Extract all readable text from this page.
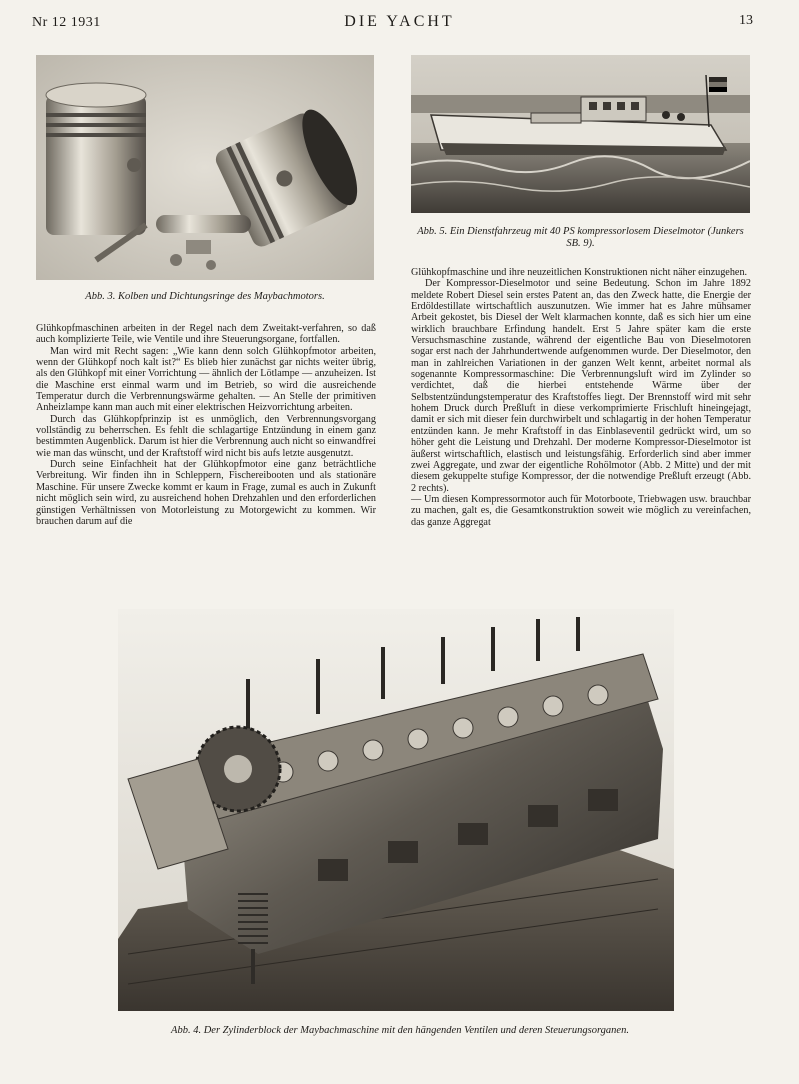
Nr 12 1931	DIE YACHT	13
Abb. 3. Kolben und Dichtungsringe des Maybachmotors.
Abb. 5. Ein Dienstfahrzeug mit 40 PS kompressorlosem Dieselmotor (Junkers SB. 9).

Glühkopfmaschinen arbeiten in der Regel nach dem Zweitakt-verfahren, so daß auch komplizierte Teile, wie Ventile und ihre Steuerungsorgane, fortfallen.

Man wird mit Recht sagen: „Wie kann denn solch Glühkopfmotor arbeiten, wenn der Glühkopf noch kalt ist?“ Es blieb hier zunächst gar nichts weiter übrig, als den Glühkopf mit einer Vorrichtung — ähnlich der Lötlampe — anzuheizen. Ist die Maschine erst einmal warm und im Betrieb, so wird die ausreichende Temperatur durch die Verbrennungswärme gehalten. — An Stelle der primitiven Anheizlampe kann man auch mit einer elektrischen Heizvorrichtung arbeiten.

Durch das Glühkopfprinzip ist es unmöglich, den Verbrennungsvorgang vollständig zu beherrschen. Es fehlt die schlagartige Entzündung in einem ganz bestimmten Augenblick. Darum ist hier die Verbrennung auch nicht so einwandfrei wie man das wünscht, und der Kraftstoff wird nicht bis aufs letzte ausgenutzt.

Durch seine Einfachheit hat der Glühkopfmotor eine ganz beträchtliche Verbreitung. Wir finden ihn in Schleppern, Fischereibooten und als stationäre Maschine. Für unsere Zwecke kommt er kaum in Frage, zumal es auch in Zukunft nicht möglich sein wird, zu ausreichend hohen Drehzahlen und den erforderlichen günstigen Verhältnissen von Motorleistung zu Motorgewicht zu kommen. Wir brauchen darum auf die

Glühkopfmaschine und ihre neuzeitlichen Konstruktionen nicht näher einzugehen.

Der Kompressor-Dieselmotor und seine Bedeutung. Schon im Jahre 1892 meldete Robert Diesel sein erstes Patent an, das den Zweck hatte, die Energie der Erdöldestillate wirtschaftlich auszunutzen. Wie immer hat es Jahre mühsamer Arbeit gekostet, bis Diesel der Welt klarmachen konnte, daß es sich hier um eine wirklich brauchbare Erfindung handelt. Erst 5 Jahre später kam die erste Versuchsmaschine zustande, während der eigentliche Bau von Dieselmotoren sogar erst nach der Jahrhundertwende aufgenommen wurde. Der Dieselmotor, den man in zahlreichen Variationen in der ganzen Welt kennt, arbeitet normal als sogenannte Kompressormaschine: Die Verbrennungsluft wird im Zylinder so verdichtet, daß die hierbei entstehende Wärme über der Selbstentzündungstemperatur des Kraftstoffes liegt. Der Brennstoff wird mit sehr hohem Druck durch Preßluft in diese verkomprimierte Frischluft hineingejagt, damit er sich mit dieser fein durchwirbelt und schlagartig in der hohen Temperatur entzünden kann. Je mehr Kraftstoff in das Einblaseventil gedrückt wird, um so höher geht die Leistung und Drehzahl. Der moderne Kompressor-Dieselmotor ist äußerst wirtschaftlich, elastisch und leistungsfähig. Erforderlich sind aber immer zwei Aggregate, und zwar der eigentliche Rohölmotor (Abb. 2 Mitte) und der mit diesem gekuppelte stufige Kompressor, der die notwendige Preßluft erzeugt (Abb. 2 rechts).

— Um diesen Kompressormotor auch für Motorboote, Triebwagen usw. brauchbar zu machen, galt es, die Gesamtkonstruktion soweit wie möglich zu vereinfachen, das ganze Aggregat

Abb. 4. Der Zylinderblock der Maybachmaschine mit den hängenden Ventilen und deren Steuerungsorganen.
